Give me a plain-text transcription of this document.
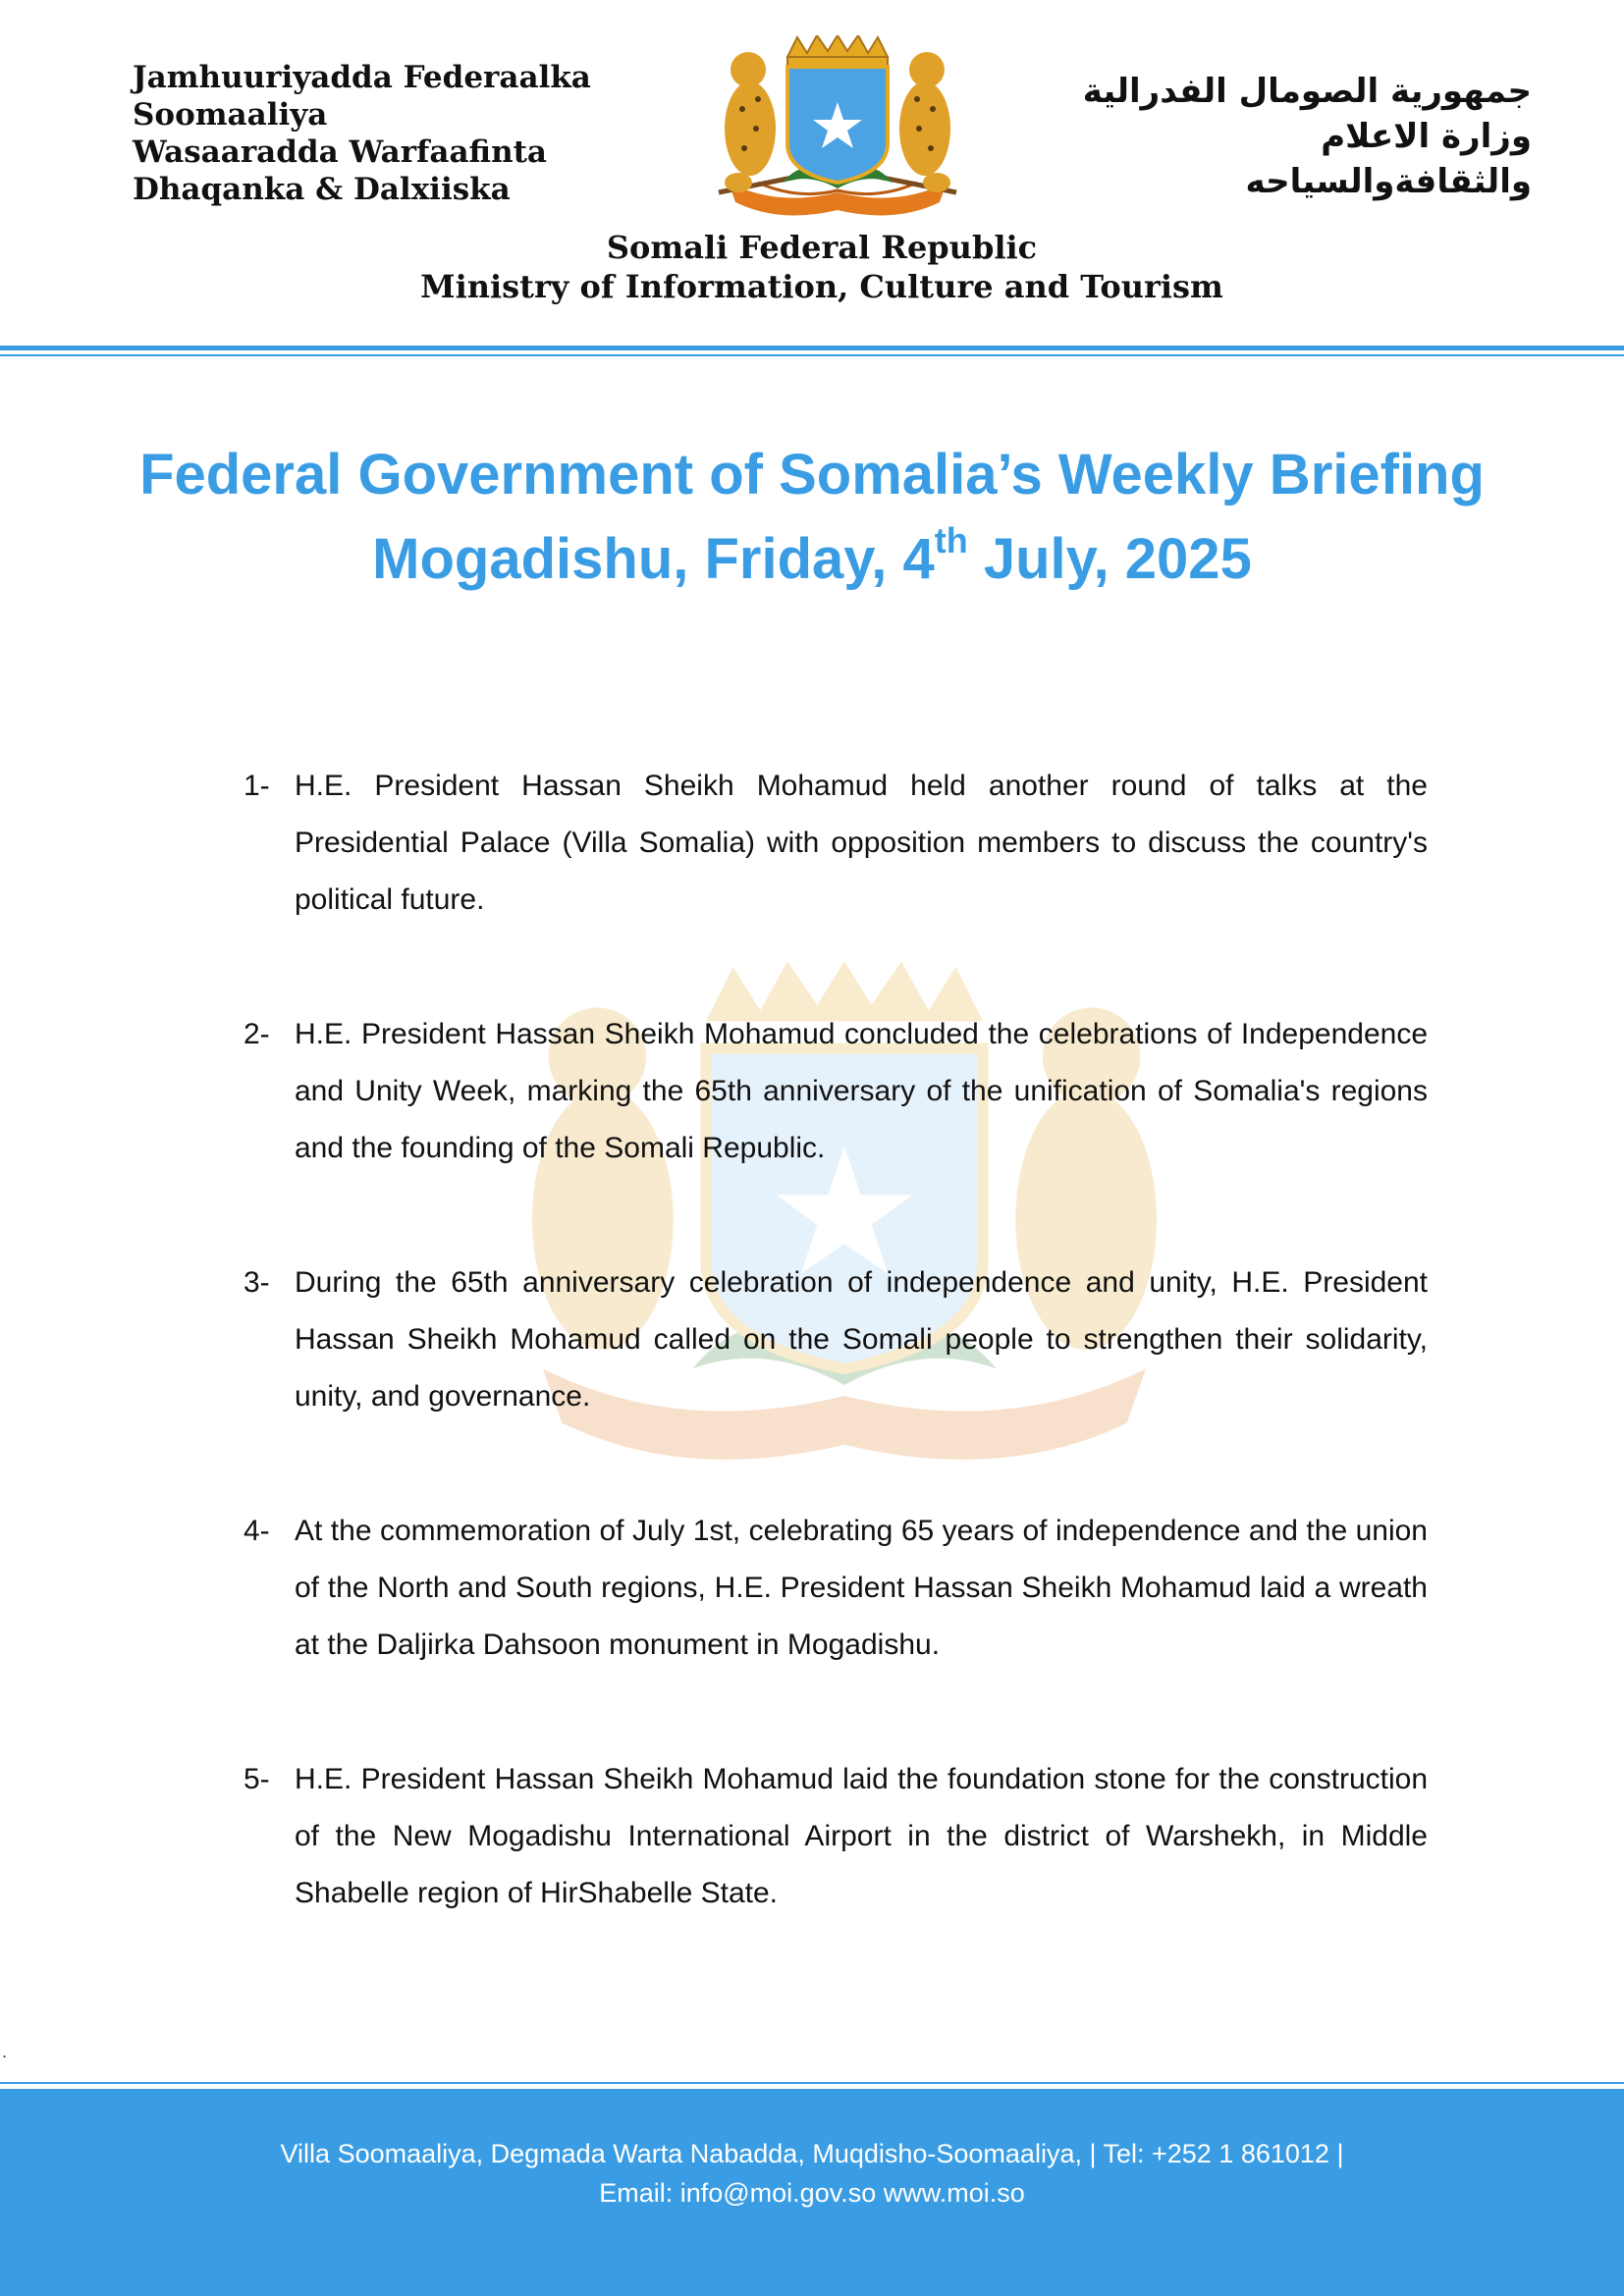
Jamhuuriyadda Federaalka
Soomaaliya
Wasaaradda Warfaafinta
Dhaqanka & Dalxiiska
جمهورية الصومال الفدرالية
وزارة الاعلام
والثقافةوالسياحه
Somali Federal Republic
Ministry of Information, Culture and Tourism
Federal Government of Somalia’s Weekly Briefing
Mogadishu, Friday, 4th July, 2025
1- H.E. President Hassan Sheikh Mohamud held another round of talks at the Presidential Palace (Villa Somalia) with opposition members to discuss the country's political future.
2- H.E. President Hassan Sheikh Mohamud concluded the celebrations of Independence and Unity Week, marking the 65th anniversary of the unification of Somalia's regions and the founding of the Somali Republic.
3- During the 65th anniversary celebration of independence and unity, H.E. President Hassan Sheikh Mohamud called on the Somali people to strengthen their solidarity, unity, and governance.
4- At the commemoration of July 1st, celebrating 65 years of independence and the union of the North and South regions, H.E. President Hassan Sheikh Mohamud laid a wreath at the Daljirka Dahsoon monument in Mogadishu.
5- H.E. President Hassan Sheikh Mohamud laid the foundation stone for the construction of the New Mogadishu International Airport in the district of Warshekh, in Middle Shabelle region of HirShabelle State.
.
Villa Soomaaliya, Degmada Warta Nabadda, Muqdisho-Soomaaliya, | Tel: +252 1 861012 |
Email: info@moi.gov.so www.moi.so
